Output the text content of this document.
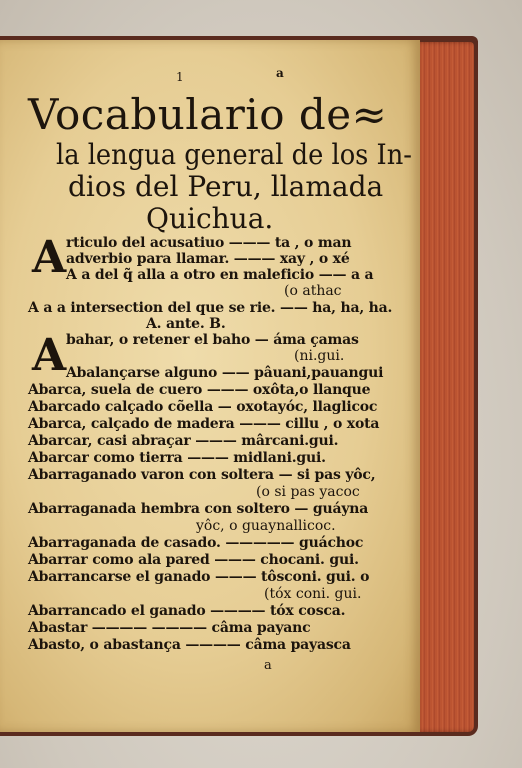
1	a
Vocabulario de≈
la lengua general de los In-
dios del Peru, llamada
Quichua.
A rticulo del acusatiuo ——— ta , o man
adverbio para llamar. ——— xay , o xé
A a del q̃ alla a otro en maleficio —— a a
(o athac
A a a intersection del que se rie. —— ha, ha, ha.
A. ante. B.
A bahar, o retener el baho — áma çamas
(ni.gui.
Abalançarse alguno —— pâuani,pauangui
Abarca, suela de cuero ——— oxôta,o llanque
Abarcado calçado cõella — oxotayóc, llaglicoc
Abarca, calçado de madera ——— cillu , o xota
Abarcar, casi abraçar ——— mârcani.gui.
Abarcar como tierra ——— midlani.gui.
Abarraganado varon con soltera — si pas yôc,
(o si pas yacoc
Abarraganada hembra con soltero — guáyna
yôc, o guaynallicoc.
Abarraganada de casado. ————— guáchoc
Abarrar como ala pared ——— chocani. gui.
Abarrancarse el ganado ——— tôsconi. gui. o
(tóx coni. gui.
Abarrancado el ganado ———— tóx cosca.
Abastar ———— ———— câma payanc
Abasto, o abastança ———— câma payasca
a
